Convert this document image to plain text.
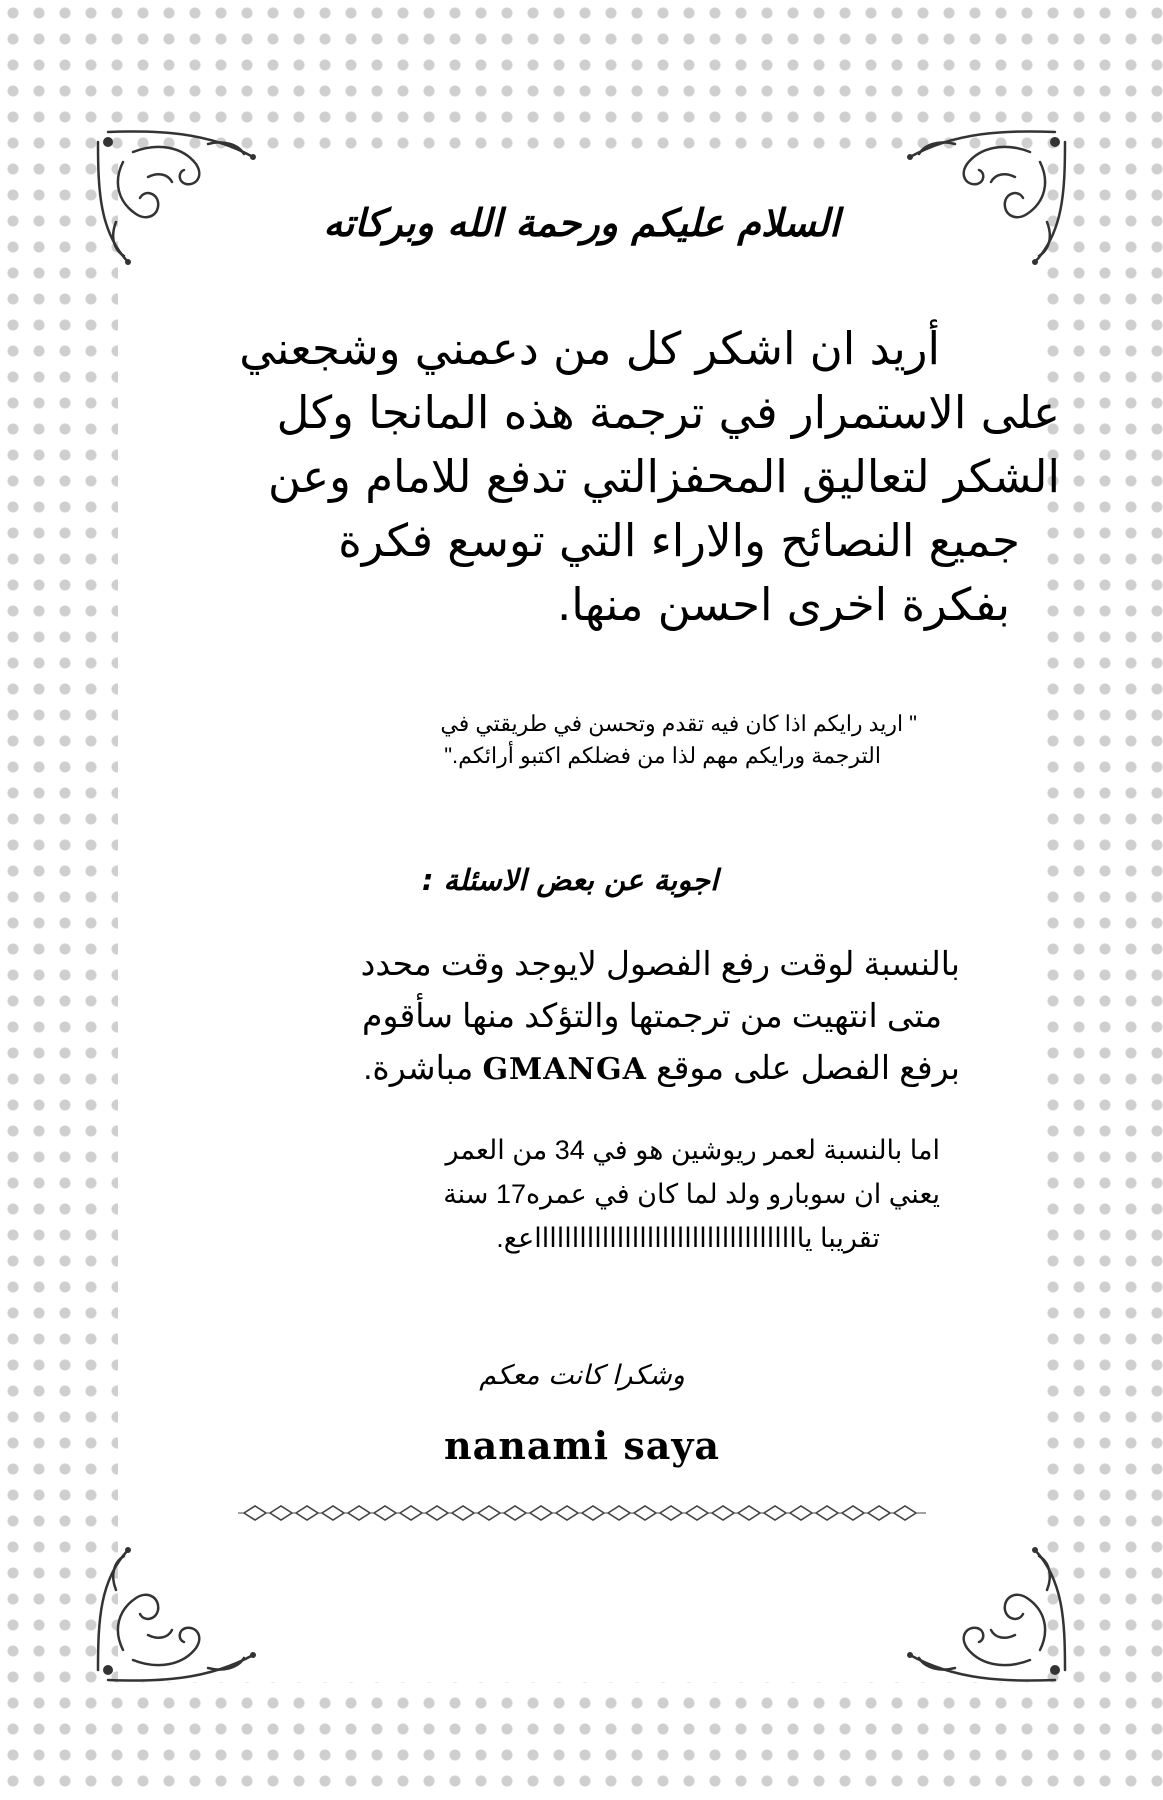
السلام عليكم ورحمة الله وبركاته
أريد ان اشكر كل من دعمني وشجعني
على الاستمرار في ترجمة هذه المانجا وكل
الشكر لتعاليق المحفزالتي تدفع للامام وعن
جميع النصائح والاراء التي توسع فكرة
بفكرة اخرى احسن منها.
" اريد رايكم اذا كان فيه تقدم وتحسن في طريقتي في
الترجمة ورايكم مهم لذا من فضلكم اكتبو أرائكم."
اجوبة عن بعض الاسئلة :
بالنسبة لوقت رفع الفصول لايوجد وقت محدد
متى انتهيت من ترجمتها والتؤكد منها سأقوم
برفع الفصل على موقع GMANGA مباشرة.
اما بالنسبة لعمر ريوشين هو في 34 من العمر
يعني ان سوبارو ولد لما كان في عمره17 سنة
تقريبا يااااااااااااااااااااااااااااااااااااعع.

وشكرا كانت معكم

nanami saya
